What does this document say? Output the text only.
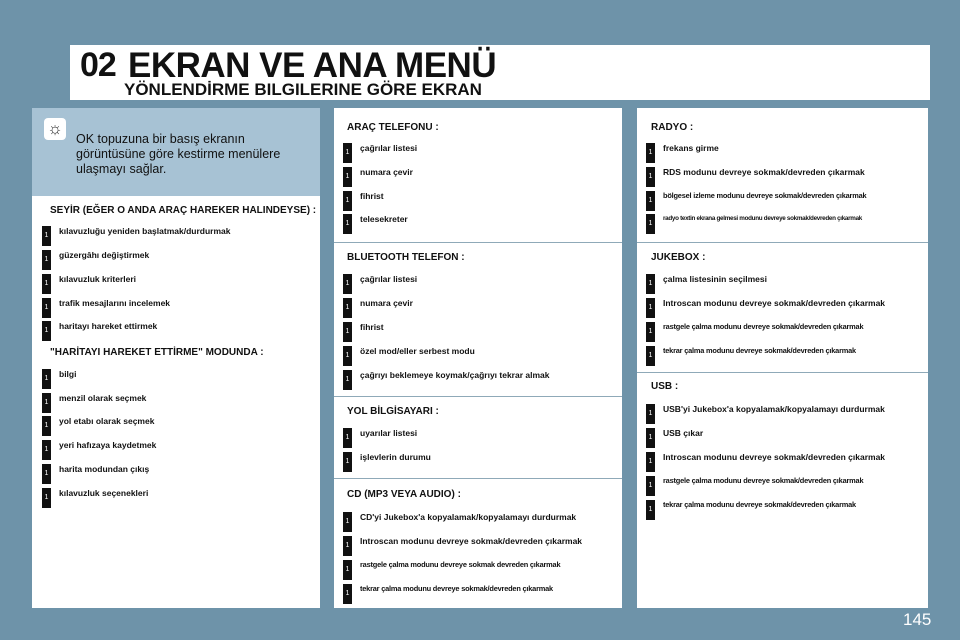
02 EKRAN VE ANA MENÜ
YÖNLENDİRME BILGILERINE GÖRE EKRAN
☼
OK topuzuna bir basış ekranın görüntüsüne göre kestirme menülere ulaşmayı sağlar.
SEYİR (EĞER O ANDA ARAÇ HAREKER HALINDEYSE) :
1 kılavuzluğu yeniden başlatmak/durdurmak
1 güzergâhı değiştirmek
1 kılavuzluk kriterleri
1 trafik mesajlarını incelemek
1 haritayı hareket ettirmek
"HARİTAYI HAREKET ETTİRME" MODUNDA :
1 bilgi
1 menzil olarak seçmek
1 yol etabı olarak seçmek
1 yeri hafızaya kaydetmek
1 harita modundan çıkış
1 kılavuzluk seçenekleri
ARAÇ TELEFONU :
1 çağrılar listesi
1 numara çevir
1 fihrist
1 telesekreter
BLUETOOTH TELEFON :
1 çağrılar listesi
1 numara çevir
1 fihrist
1 özel mod/eller serbest modu
1 çağrıyı beklemeye koymak/çağrıyı tekrar almak
YOL BİLGİSAYARI :
1 uyarılar listesi
1 işlevlerin durumu
CD (MP3 VEYA AUDIO) :
1 CD'yi Jukebox'a kopyalamak/kopyalamayı durdurmak
1 Introscan modunu devreye sokmak/devreden çıkarmak
1
rastgele çalma modunu devreye sokmak devreden çıkarmak
1
tekrar çalma modunu devreye sokmak/devreden çıkarmak
RADYO :
1 frekans girme
1 RDS modunu devreye sokmak/devreden çıkarmak
1
bölgesel izleme modunu devreye sokmak/devreden çıkarmak
1
radyo textin ekrana gelmesi modunu devreye sokmak/devreden çıkarmak
JUKEBOX :
1 çalma listesinin seçilmesi
1 Introscan modunu devreye sokmak/devreden çıkarmak
1
rastgele çalma modunu devreye sokmak/devreden çıkarmak
1
tekrar çalma modunu devreye sokmak/devreden çıkarmak
USB :
1 USB'yi Jukebox'a kopyalamak/kopyalamayı durdurmak
1 USB çıkar
1 Introscan modunu devreye sokmak/devreden çıkarmak
1
rastgele çalma modunu devreye sokmak/devreden çıkarmak
1
tekrar çalma modunu devreye sokmak/devreden çıkarmak
145
